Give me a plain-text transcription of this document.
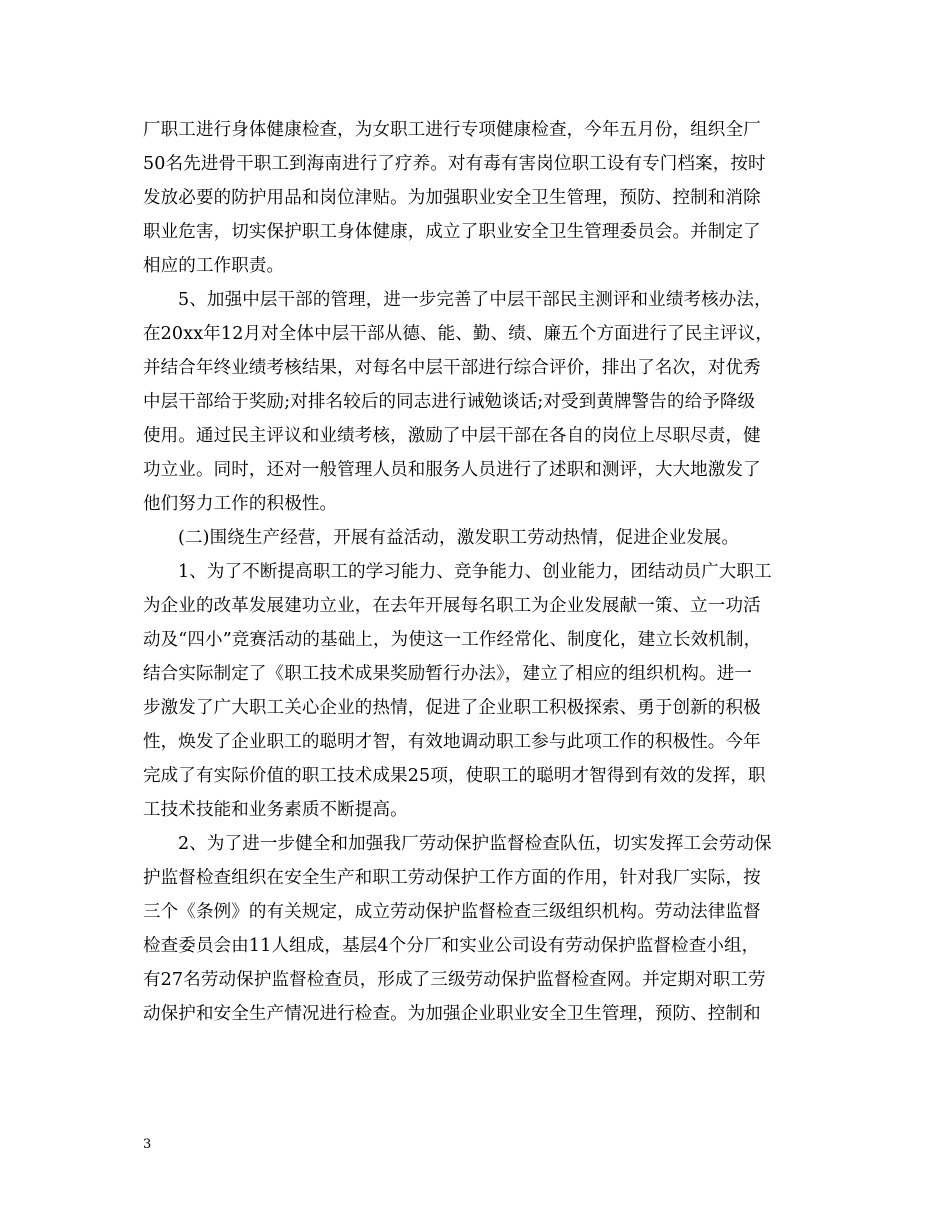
厂职工进行身体健康检查，为女职工进行专项健康检查，今年五月份，组织全厂
50名先进骨干职工到海南进行了疗养。对有毒有害岗位职工设有专门档案，按时
发放必要的防护用品和岗位津贴。为加强职业安全卫生管理，预防、控制和消除
职业危害，切实保护职工身体健康，成立了职业安全卫生管理委员会。并制定了
相应的工作职责。
5、加强中层干部的管理，进一步完善了中层干部民主测评和业绩考核办法，
在20xx年12月对全体中层干部从德、能、勤、绩、廉五个方面进行了民主评议，
并结合年终业绩考核结果，对每名中层干部进行综合评价，排出了名次，对优秀
中层干部给于奖励;对排名较后的同志进行诫勉谈话;对受到黄牌警告的给予降级
使用。通过民主评议和业绩考核，激励了中层干部在各自的岗位上尽职尽责，健
功立业。同时，还对一般管理人员和服务人员进行了述职和测评，大大地激发了
他们努力工作的积极性。
(二)围绕生产经营，开展有益活动，激发职工劳动热情，促进企业发展。
1、为了不断提高职工的学习能力、竞争能力、创业能力，团结动员广大职工
为企业的改革发展建功立业，在去年开展每名职工为企业发展献一策、立一功活
动及“四小”竞赛活动的基础上，为使这一工作经常化、制度化，建立长效机制，
结合实际制定了《职工技术成果奖励暂行办法》，建立了相应的组织机构。进一
步激发了广大职工关心企业的热情，促进了企业职工积极探索、勇于创新的积极
性，焕发了企业职工的聪明才智，有效地调动职工参与此项工作的积极性。今年
完成了有实际价值的职工技术成果25项，使职工的聪明才智得到有效的发挥，职
工技术技能和业务素质不断提高。
2、为了进一步健全和加强我厂劳动保护监督检查队伍，切实发挥工会劳动保
护监督检查组织在安全生产和职工劳动保护工作方面的作用，针对我厂实际，按
三个《条例》的有关规定，成立劳动保护监督检查三级组织机构。劳动法律监督
检查委员会由11人组成，基层4个分厂和实业公司设有劳动保护监督检查小组，
有27名劳动保护监督检查员，形成了三级劳动保护监督检查网。并定期对职工劳
动保护和安全生产情况进行检查。为加强企业职业安全卫生管理，预防、控制和
3
